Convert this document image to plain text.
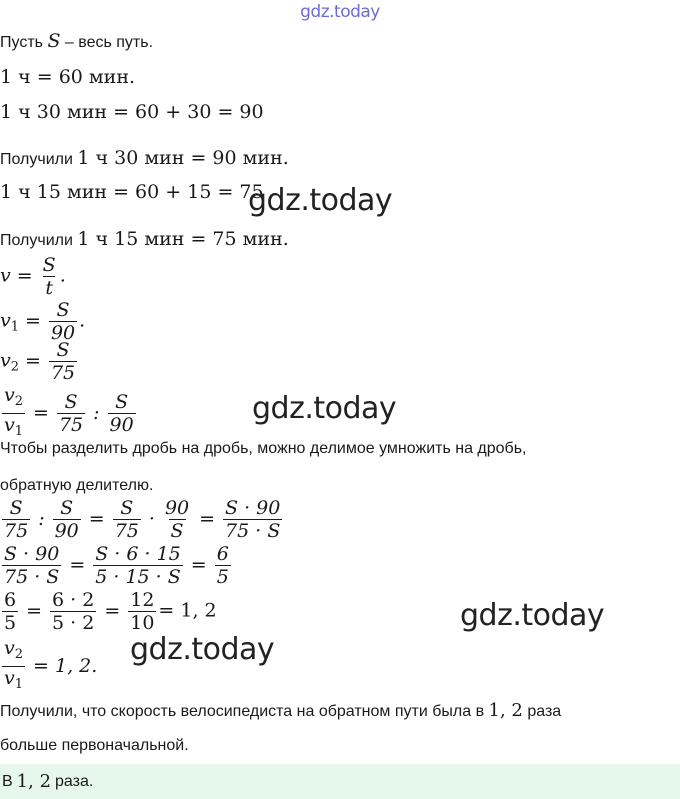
gdz.today
Пусть S – весь путь.
1 ч = 60 мин.
1 ч 30 мин = 60 + 30 = 90
Получили 1 ч 30 мин = 90 мин.
1 ч 15 мин = 60 + 15 = 75
Получили 1 ч 15 мин = 75 мин.
$v = \frac{S}{t}$ .
$v_1 = \frac{S}{90}$ .
$v_2 = \frac{S}{75}$
$\frac{v_2}{v_1} = \frac{S}{75}$ : $\frac{S}{90}$
Чтобы разделить дробь на дробь, можно делимое умножить на дробь,
обратную делителю.
$\frac{S}{75}$ : $\frac{S}{90} = \frac{S}{75} \cdot \frac{90}{S} = \frac{S \cdot 90}{75 \cdot S}$
$\frac{S \cdot 90}{75 \cdot S} = \frac{S \cdot 6 \cdot 15}{5 \cdot 15 \cdot S} = \frac{6}{5}$
$\frac{6}{5} = \frac{6 \cdot 2}{5 \cdot 2} = \frac{12}{10} = 1$, 2
$\frac{v_2}{v_1} = 1$, 2.
Получили, что скорость велосипедиста на обратном пути была в 1, 2 раза
больше первоначальной.
В 1, 2 раза.
gdz.today
gdz.today
gdz.today
gdz.today
